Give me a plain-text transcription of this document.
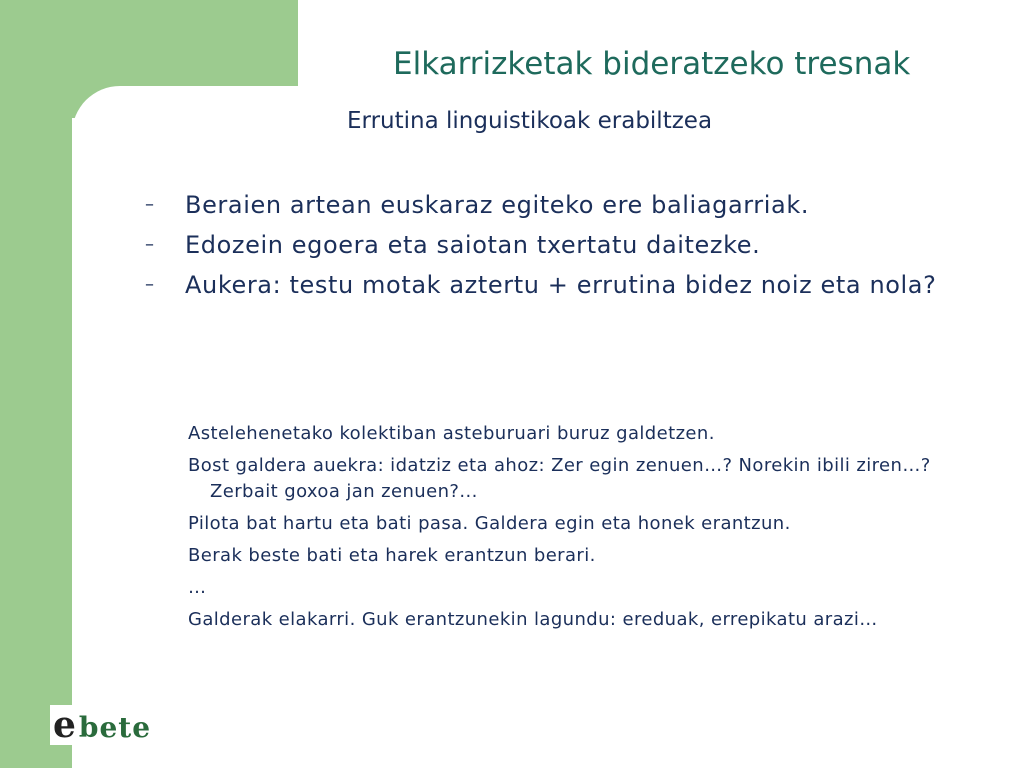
Elkarrizketak bideratzeko tresnak
Errutina linguistikoak erabiltzea
– Beraien artean euskaraz egiteko ere baliagarriak.
– Edozein egoera eta saiotan txertatu daitezke.
– Aukera: testu motak aztertu + errutina bidez noiz eta nola?
Astelehenetako kolektiban asteburuari buruz galdetzen.
Bost galdera auekra: idatziz eta ahoz: Zer egin zenuen…? Norekin ibili ziren…? Zerbait goxoa jan zenuen?...
Pilota bat hartu eta bati pasa. Galdera egin eta honek erantzun.
Berak beste bati eta harek erantzun berari.
…
Galderak elakarri. Guk erantzunekin lagundu: ereduak, errepikatu arazi…
e bete
